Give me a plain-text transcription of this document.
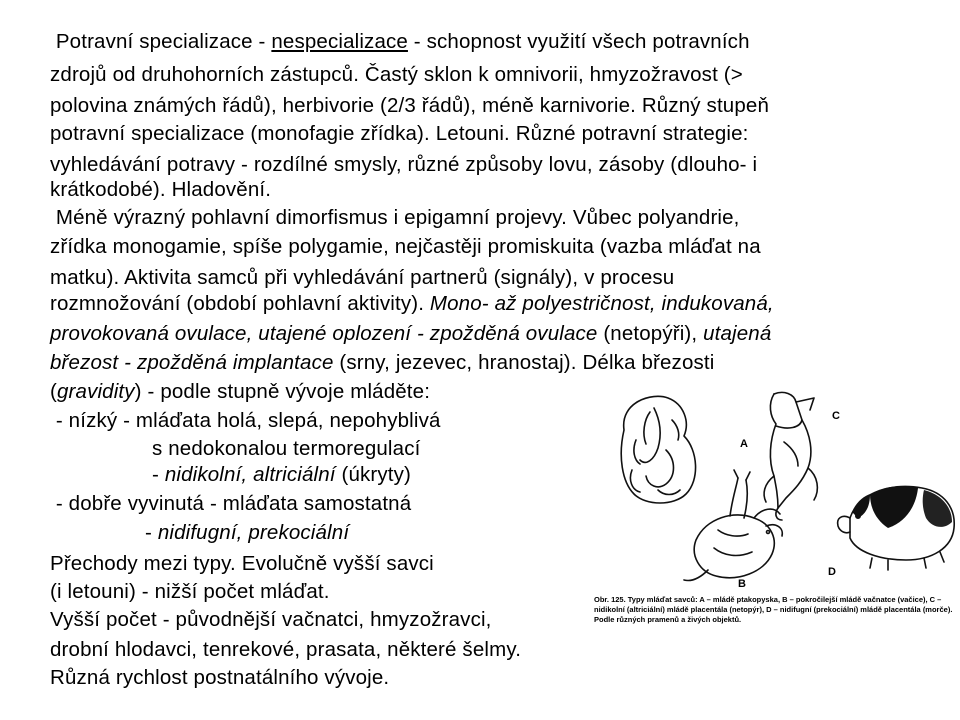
Potravní specializace - nespecializace - schopnost využití všech potravních
zdrojů od druhohorních zástupců. Častý sklon k omnivorii, hmyzožravost (>
polovina známých řádů), herbivorie (2/3 řádů), méně karnivorie. Různý stupeň
potravní specializace (monofagie zřídka). Letouni. Různé potravní strategie:
vyhledávání potravy - rozdílné smysly, různé způsoby lovu, zásoby (dlouho- i
krátkodobé). Hladovění.
Méně výrazný pohlavní dimorfismus i epigamní projevy. Vůbec polyandrie,
zřídka monogamie, spíše polygamie, nejčastěji promiskuita (vazba mláďat na
matku). Aktivita samců při vyhledávání partnerů (signály), v procesu
rozmnožování (období pohlavní aktivity). Mono- až polyestričnost, indukovaná,
provokovaná ovulace, utajené oplození - zpožděná ovulace (netopýři), utajená
březost - zpožděná implantace (srny, jezevec, hranostaj). Délka březosti
(gravidity) - podle stupně vývoje mláděte:
- nízký - mláďata holá, slepá, nepohyblivá
s nedokonalou termoregulací
- nidikolní, altriciální (úkryty)
- dobře vyvinutá - mláďata samostatná
- nidifugní, prekociální
Přechody mezi typy. Evolučně vyšší savci
(i letouni) - nižší počet mláďat.
Vyšší počet - původnější vačnatci, hmyzožravci,
drobní hlodavci, tenrekové, prasata, některé šelmy.
Různá rychlost postnatálního vývoje.
A
B
C
D
Obr. 125. Typy mláďat savců: A – mládě ptakopyska, B – pokročilejší mládě vačnatce (vačice), C – nidikolní (altriciální) mládě placentála (netopýr), D – nidifugní (prekociální) mládě placentála (morče). Podle různých pramenů a živých objektů.
